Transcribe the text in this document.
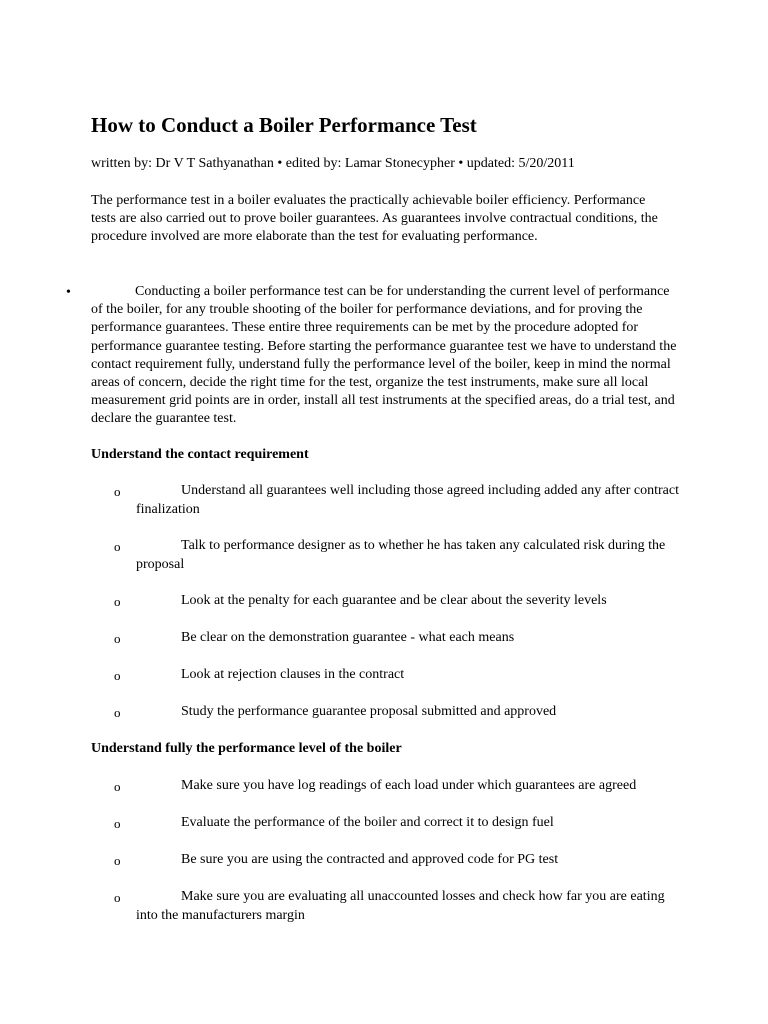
How to Conduct a Boiler Performance Test

written by: Dr V T Sathyanathan • edited by: Lamar Stonecypher • updated: 5/20/2011

The performance test in a boiler evaluates the practically achievable boiler efficiency. Performance tests are also carried out to prove boiler guarantees. As guarantees involve contractual conditions, the procedure involved are more elaborate than the test for evaluating performance.

•	Conducting a boiler performance test can be for understanding the current level of performance of the boiler, for any trouble shooting of the boiler for performance deviations, and for proving the performance guarantees. These entire three requirements can be met by the procedure adopted for performance guarantee testing. Before starting the performance guarantee test we have to understand the contact requirement fully, understand fully the performance level of the boiler, keep in mind the normal areas of concern, decide the right time for the test, organize the test instruments, make sure all local measurement grid points are in order, install all test instruments at the specified areas, do a trial test, and declare the guarantee test.

Understand the contact requirement
o	Understand all guarantees well including those agreed including added any after contract finalization

o	Talk to performance designer as to whether he has taken any calculated risk during the proposal

o	Look at the penalty for each guarantee and be clear about the severity levels

o	Be clear on the demonstration guarantee - what each means

o	Look at rejection clauses in the contract

o	Study the performance guarantee proposal submitted and approved

Understand fully the performance level of the boiler
o	Make sure you have log readings of each load under which guarantees are agreed

o	Evaluate the performance of the boiler and correct it to design fuel

o	Be sure you are using the contracted and approved code for PG test

o	Make sure you are evaluating all unaccounted losses and check how far you are eating into the manufacturers margin
